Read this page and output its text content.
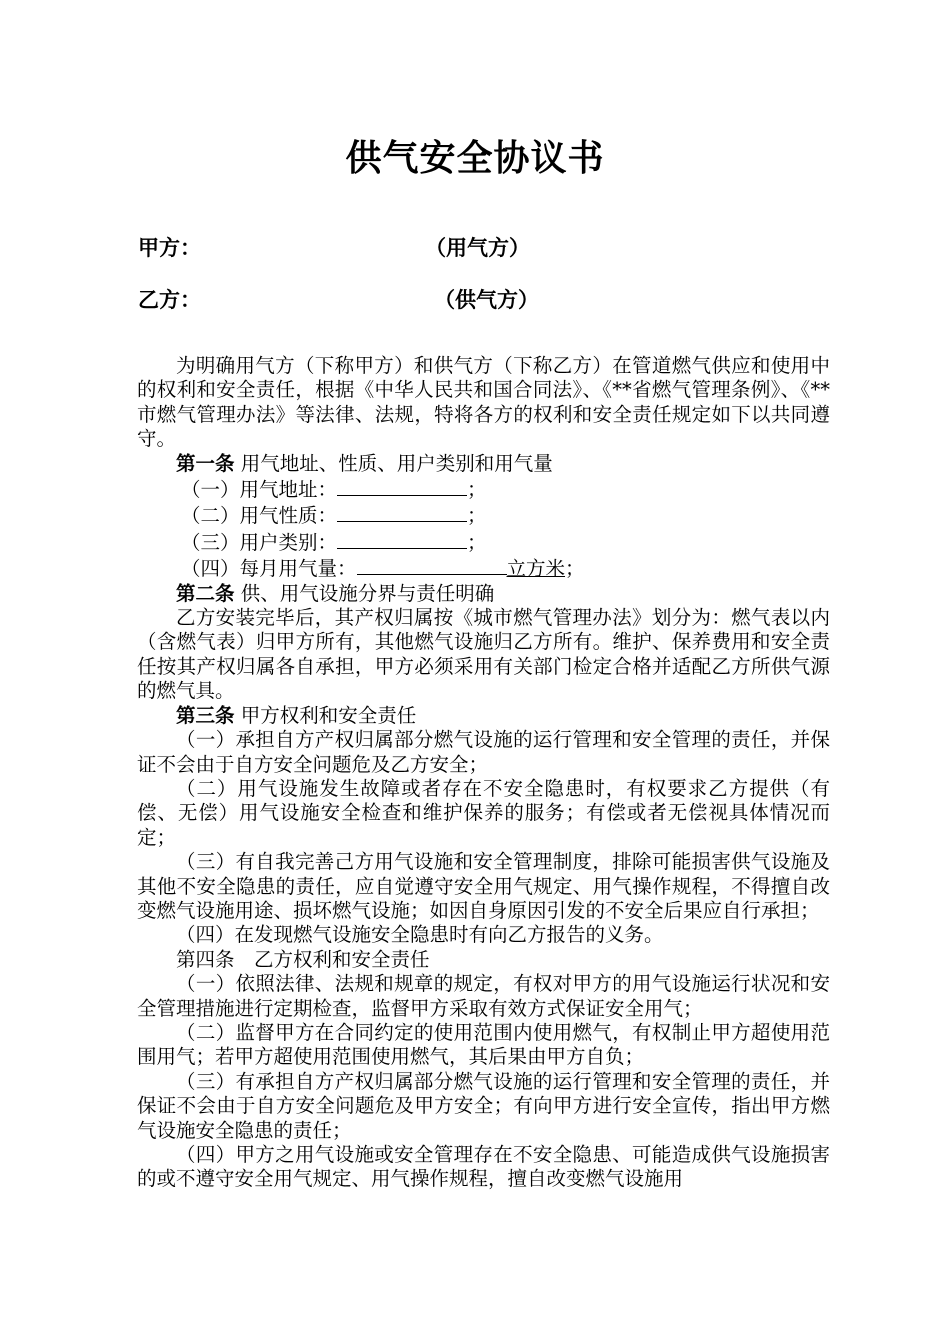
供气安全协议书
甲方：	（用气方）
乙方：	（供气方）

为明确用气方（下称甲方）和供气方（下称乙方）在管道燃气供应和使用中的权利和安全责任，根据《中华人民共和国合同法》、《**省燃气管理条例》、《**市燃气管理办法》等法律、法规，特将各方的权利和安全责任规定如下以共同遵守。

第一条 用气地址、性质、用户类别和用气量

（一）用气地址：	；

（二）用气性质：	；

（三）用户类别：	；

（四）每月用气量：	立方米；

第二条 供、用气设施分界与责任明确

乙方安装完毕后，其产权归属按《城市燃气管理办法》划分为：燃气表以内（含燃气表）归甲方所有，其他燃气设施归乙方所有。维护、保养费用和安全责任按其产权归属各自承担，甲方必须采用有关部门检定合格并适配乙方所供气源的燃气具。

第三条 甲方权利和安全责任

（一）承担自方产权归属部分燃气设施的运行管理和安全管理的责任，并保证不会由于自方安全问题危及乙方安全；

（二）用气设施发生故障或者存在不安全隐患时，有权要求乙方提供（有偿、无偿）用气设施安全检查和维护保养的服务；有偿或者无偿视具体情况而定；

（三）有自我完善己方用气设施和安全管理制度，排除可能损害供气设施及其他不安全隐患的责任，应自觉遵守安全用气规定、用气操作规程，不得擅自改变燃气设施用途、损坏燃气设施；如因自身原因引发的不安全后果应自行承担；

（四）在发现燃气设施安全隐患时有向乙方报告的义务。

第四条　乙方权利和安全责任

（一）依照法律、法规和规章的规定，有权对甲方的用气设施运行状况和安全管理措施进行定期检查，监督甲方采取有效方式保证安全用气；

（二）监督甲方在合同约定的使用范围内使用燃气，有权制止甲方超使用范围用气；若甲方超使用范围使用燃气，其后果由甲方自负；

（三）有承担自方产权归属部分燃气设施的运行管理和安全管理的责任，并保证不会由于自方安全问题危及甲方安全；有向甲方进行安全宣传，指出甲方燃气设施安全隐患的责任；

（四）甲方之用气设施或安全管理存在不安全隐患、可能造成供气设施损害的或不遵守安全用气规定、用气操作规程，擅自改变燃气设施用
